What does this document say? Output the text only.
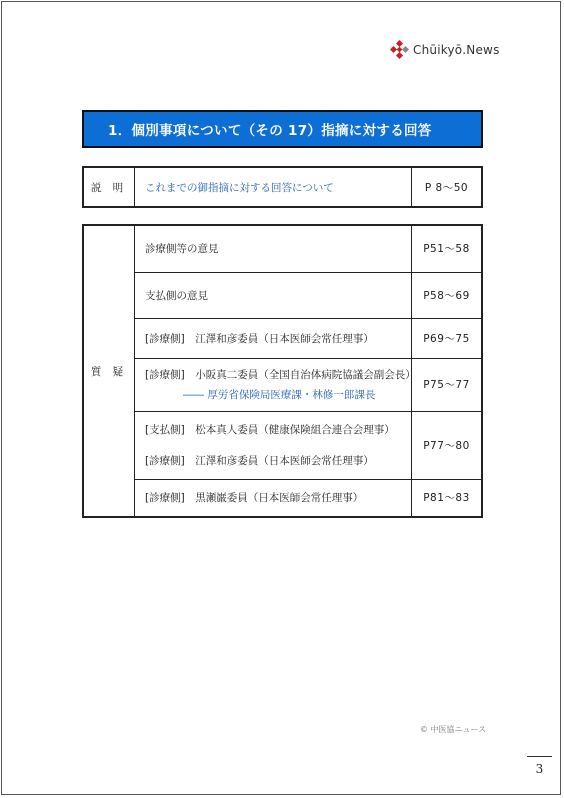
Chūikyō.News
1．個別事項について（その 17）指摘に対する回答
説 明	これまでの御指摘に対する回答について	P 8～50
質 疑	診療側等の意見	P51～58
	支払側の意見	P58～69
	[診療側]　江澤和彦委員（日本医師会常任理事）	P69～75

	[診療側]　小阪真二委員（全国自治体病院協議会副会長）
―― 厚労省保険局医療課・林修一郎課長	P75～77

	[支払側]　松本真人委員（健康保険組合連合会理事）
[診療側]　江澤和彦委員（日本医師会常任理事）	P77～80
	[診療側]　黒瀬巌委員（日本医師会常任理事）	P81～83
© 中医協ニュース
3
